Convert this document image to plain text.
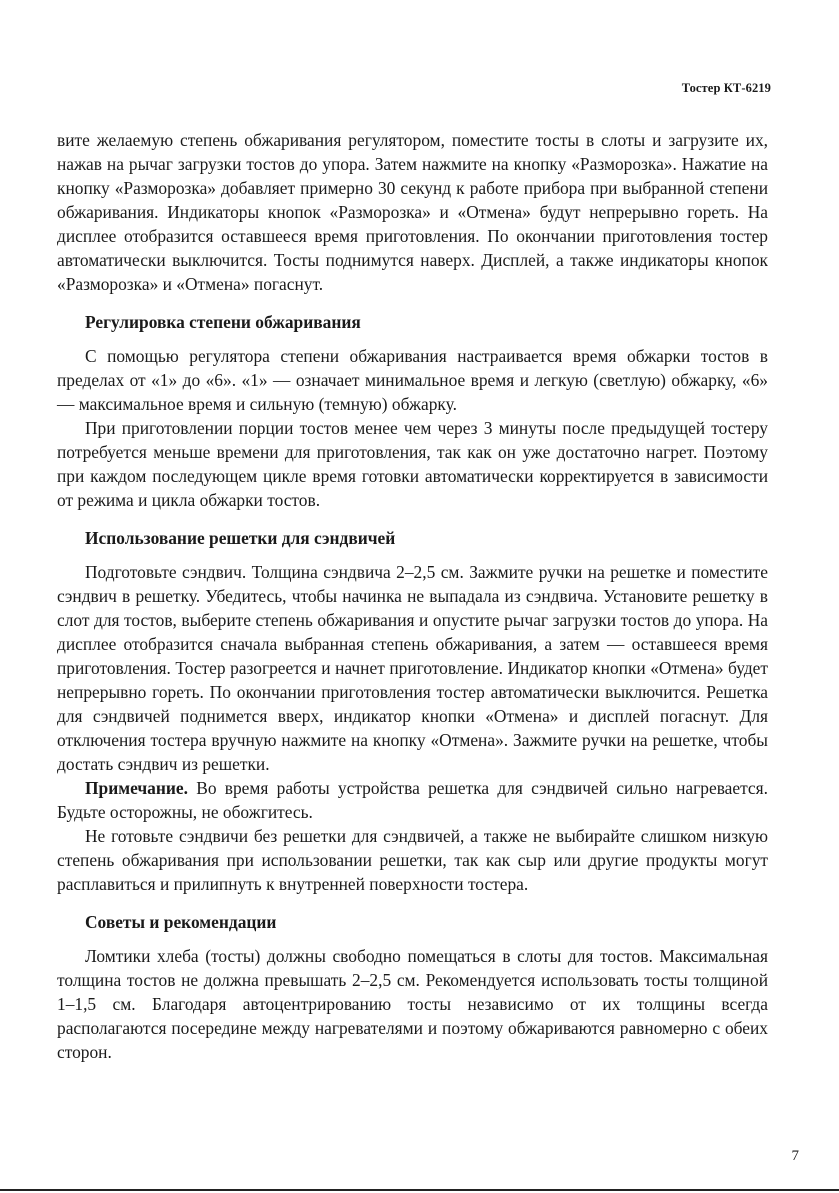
Тостер КТ-6219

вите желаемую степень обжаривания регулятором, поместите тосты в слоты и загрузите их, нажав на рычаг загрузки тостов до упора. Затем нажмите на кнопку «Разморозка». Нажатие на кнопку «Разморозка» добавляет примерно 30 секунд к работе прибора при выбранной степени обжаривания. Индикаторы кнопок «Разморозка» и «Отмена» будут непрерывно гореть. На дисплее отобразится оставшееся время приготовления. По окончании приготовления тостер автоматически выключится. Тосты поднимутся наверх. Дисплей, а также индикаторы кнопок «Разморозка» и «Отмена» погаснут.

Регулировка степени обжаривания

С помощью регулятора степени обжаривания настраивается время обжарки тостов в пределах от «1» до «6». «1» — означает минимальное время и легкую (светлую) обжарку, «6» — максимальное время и сильную (темную) обжарку.

При приготовлении порции тостов менее чем через 3 минуты после предыдущей тостеру потребуется меньше времени для приготовления, так как он уже достаточно нагрет. Поэтому при каждом последующем цикле время готовки автоматически корректируется в зависимости от режима и цикла обжарки тостов.

Использование решетки для сэндвичей

Подготовьте сэндвич. Толщина сэндвича 2–2,5 см. Зажмите ручки на решетке и поместите сэндвич в решетку. Убедитесь, чтобы начинка не выпадала из сэндвича. Установите решетку в слот для тостов, выберите степень обжаривания и опустите рычаг загрузки тостов до упора. На дисплее отобразится сначала выбранная степень обжаривания, а затем — оставшееся время приготовления. Тостер разогреется и начнет приготовление. Индикатор кнопки «Отмена» будет непрерывно гореть. По окончании приготовления тостер автоматически выключится. Решетка для сэндвичей поднимется вверх, индикатор кнопки «Отмена» и дисплей погаснут. Для отключения тостера вручную нажмите на кнопку «Отмена». Зажмите ручки на решетке, чтобы достать сэндвич из решетки.

Примечание. Во время работы устройства решетка для сэндвичей сильно нагревается. Будьте осторожны, не обожгитесь.

Не готовьте сэндвичи без решетки для сэндвичей, а также не выбирайте слишком низкую степень обжаривания при использовании решетки, так как сыр или другие продукты могут расплавиться и прилипнуть к внутренней поверхности тостера.

Советы и рекомендации

Ломтики хлеба (тосты) должны свободно помещаться в слоты для тостов. Максимальная толщина тостов не должна превышать 2–2,5 см. Рекомендуется использовать тосты толщиной 1–1,5 см. Благодаря автоцентрированию тосты независимо от их толщины всегда располагаются посередине между нагревателями и поэтому обжариваются равномерно с обеих сторон.

7
